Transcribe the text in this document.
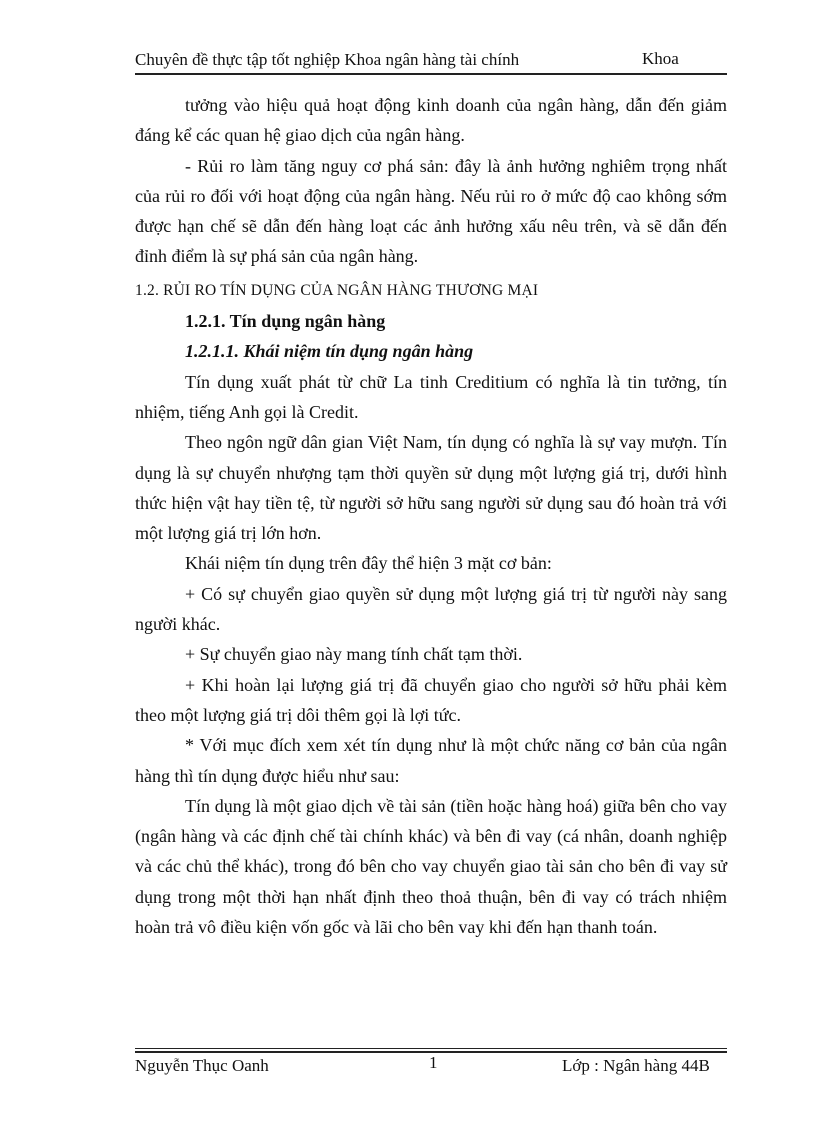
Chuyên đề thực tập tốt nghiệp Khoa ngân hàng tài chính	Khoa

tưởng vào hiệu quả hoạt động kinh doanh của ngân hàng, dẫn đến giảm đáng kể các quan hệ giao dịch của ngân hàng.

- Rủi ro làm tăng nguy cơ phá sản: đây là ảnh hưởng nghiêm trọng nhất của rủi ro đối với hoạt động của ngân hàng. Nếu rủi ro ở mức độ cao không sớm được hạn chế sẽ dẫn đến hàng loạt các ảnh hưởng xấu nêu trên, và sẽ dẫn đến đỉnh điểm là sự phá sản của ngân hàng.

1.2. RỦI RO TÍN DỤNG CỦA NGÂN HÀNG THƯƠNG MẠI

1.2.1. Tín dụng ngân hàng

1.2.1.1. Khái niệm tín dụng ngân hàng

Tín dụng xuất phát từ chữ La tinh Creditium có nghĩa là tin tưởng, tín nhiệm, tiếng Anh gọi là Credit.

Theo ngôn ngữ dân gian Việt Nam, tín dụng có nghĩa là sự vay mượn. Tín dụng là sự chuyển nhượng tạm thời quyền sử dụng một lượng giá trị, dưới hình thức hiện vật hay tiền tệ, từ người sở hữu sang người sử dụng sau đó hoàn trả với một lượng giá trị lớn hơn.

Khái niệm tín dụng trên đây thể hiện 3 mặt cơ bản:

+ Có sự chuyển giao quyền sử dụng một lượng giá trị từ người này sang người khác.

+ Sự chuyển giao này mang tính chất tạm thời.

+ Khi hoàn lại lượng giá trị đã chuyển giao cho người sở hữu phải kèm theo một lượng giá trị dôi thêm gọi là lợi tức.

* Với mục đích xem xét tín dụng như là một chức năng cơ bản của ngân hàng thì tín dụng được hiểu như sau:

Tín dụng là một giao dịch về tài sản (tiền hoặc hàng hoá) giữa bên cho vay (ngân hàng và các định chế tài chính khác) và bên đi vay (cá nhân, doanh nghiệp và các chủ thể khác), trong đó bên cho vay chuyển giao tài sản cho bên đi vay sử dụng trong một thời hạn nhất định theo thoả thuận, bên đi vay có trách nhiệm hoàn trả vô điều kiện vốn gốc và lãi cho bên vay khi đến hạn thanh toán.

Nguyễn Thục Oanh	1	Lớp : Ngân hàng 44B
